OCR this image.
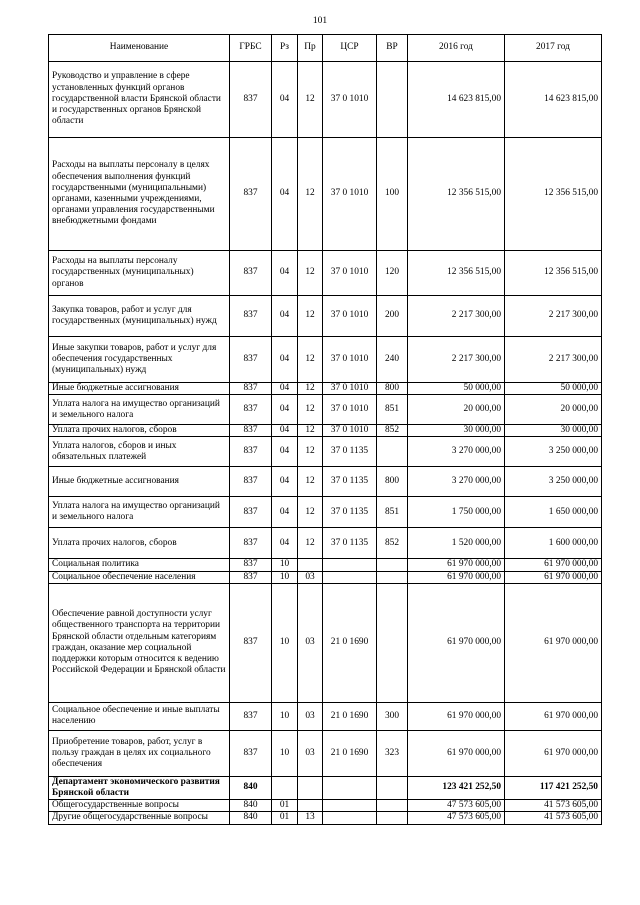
101
Наименование	ГРБС	Рз	Пр	ЦСР	ВР	2016 год	2017 год
Руководство и управление в сфере установленных функций органов государственной власти Брянской области и государственных органов Брянской области	837	04	12	37 0 1010		14 623 815,00	14 623 815,00
Расходы на выплаты персоналу в целях обеспечения выполнения функций государственными (муниципальными) органами, казенными учреждениями, органами управления государственными внебюджетными фондами	837	04	12	37 0 1010	100	12 356 515,00	12 356 515,00
Расходы на выплаты персоналу государственных (муниципальных) органов	837	04	12	37 0 1010	120	12 356 515,00	12 356 515,00
Закупка товаров, работ и услуг для государственных (муниципальных) нужд	837	04	12	37 0 1010	200	2 217 300,00	2 217 300,00
Иные закупки товаров, работ и услуг для обеспечения государственных (муниципальных) нужд	837	04	12	37 0 1010	240	2 217 300,00	2 217 300,00
Иные бюджетные ассигнования	837	04	12	37 0 1010	800	50 000,00	50 000,00
Уплата налога на имущество организаций и земельного налога	837	04	12	37 0 1010	851	20 000,00	20 000,00
Уплата прочих налогов, сборов	837	04	12	37 0 1010	852	30 000,00	30 000,00
Уплата налогов, сборов и иных обязательных платежей	837	04	12	37 0 1135		3 270 000,00	3 250 000,00
Иные бюджетные ассигнования	837	04	12	37 0 1135	800	3 270 000,00	3 250 000,00
Уплата налога на имущество организаций и земельного налога	837	04	12	37 0 1135	851	1 750 000,00	1 650 000,00
Уплата прочих налогов, сборов	837	04	12	37 0 1135	852	1 520 000,00	1 600 000,00
Социальная политика	837	10				61 970 000,00	61 970 000,00
Социальное обеспечение населения	837	10	03			61 970 000,00	61 970 000,00
Обеспечение равной доступности услуг общественного транспорта на территории Брянской области отдельным категориям граждан, оказание мер социальной поддержки которым относится к ведению Российской Федерации и Брянской области	837	10	03	21 0 1690		61 970 000,00	61 970 000,00
Социальное обеспечение и иные выплаты населению	837	10	03	21 0 1690	300	61 970 000,00	61 970 000,00
Приобретение товаров, работ, услуг в пользу граждан в целях их социального обеспечения	837	10	03	21 0 1690	323	61 970 000,00	61 970 000,00
Департамент экономического развития Брянской области	840					123 421 252,50	117 421 252,50
Общегосударственные вопросы	840	01				47 573 605,00	41 573 605,00
Другие общегосударственные вопросы	840	01	13			47 573 605,00	41 573 605,00
